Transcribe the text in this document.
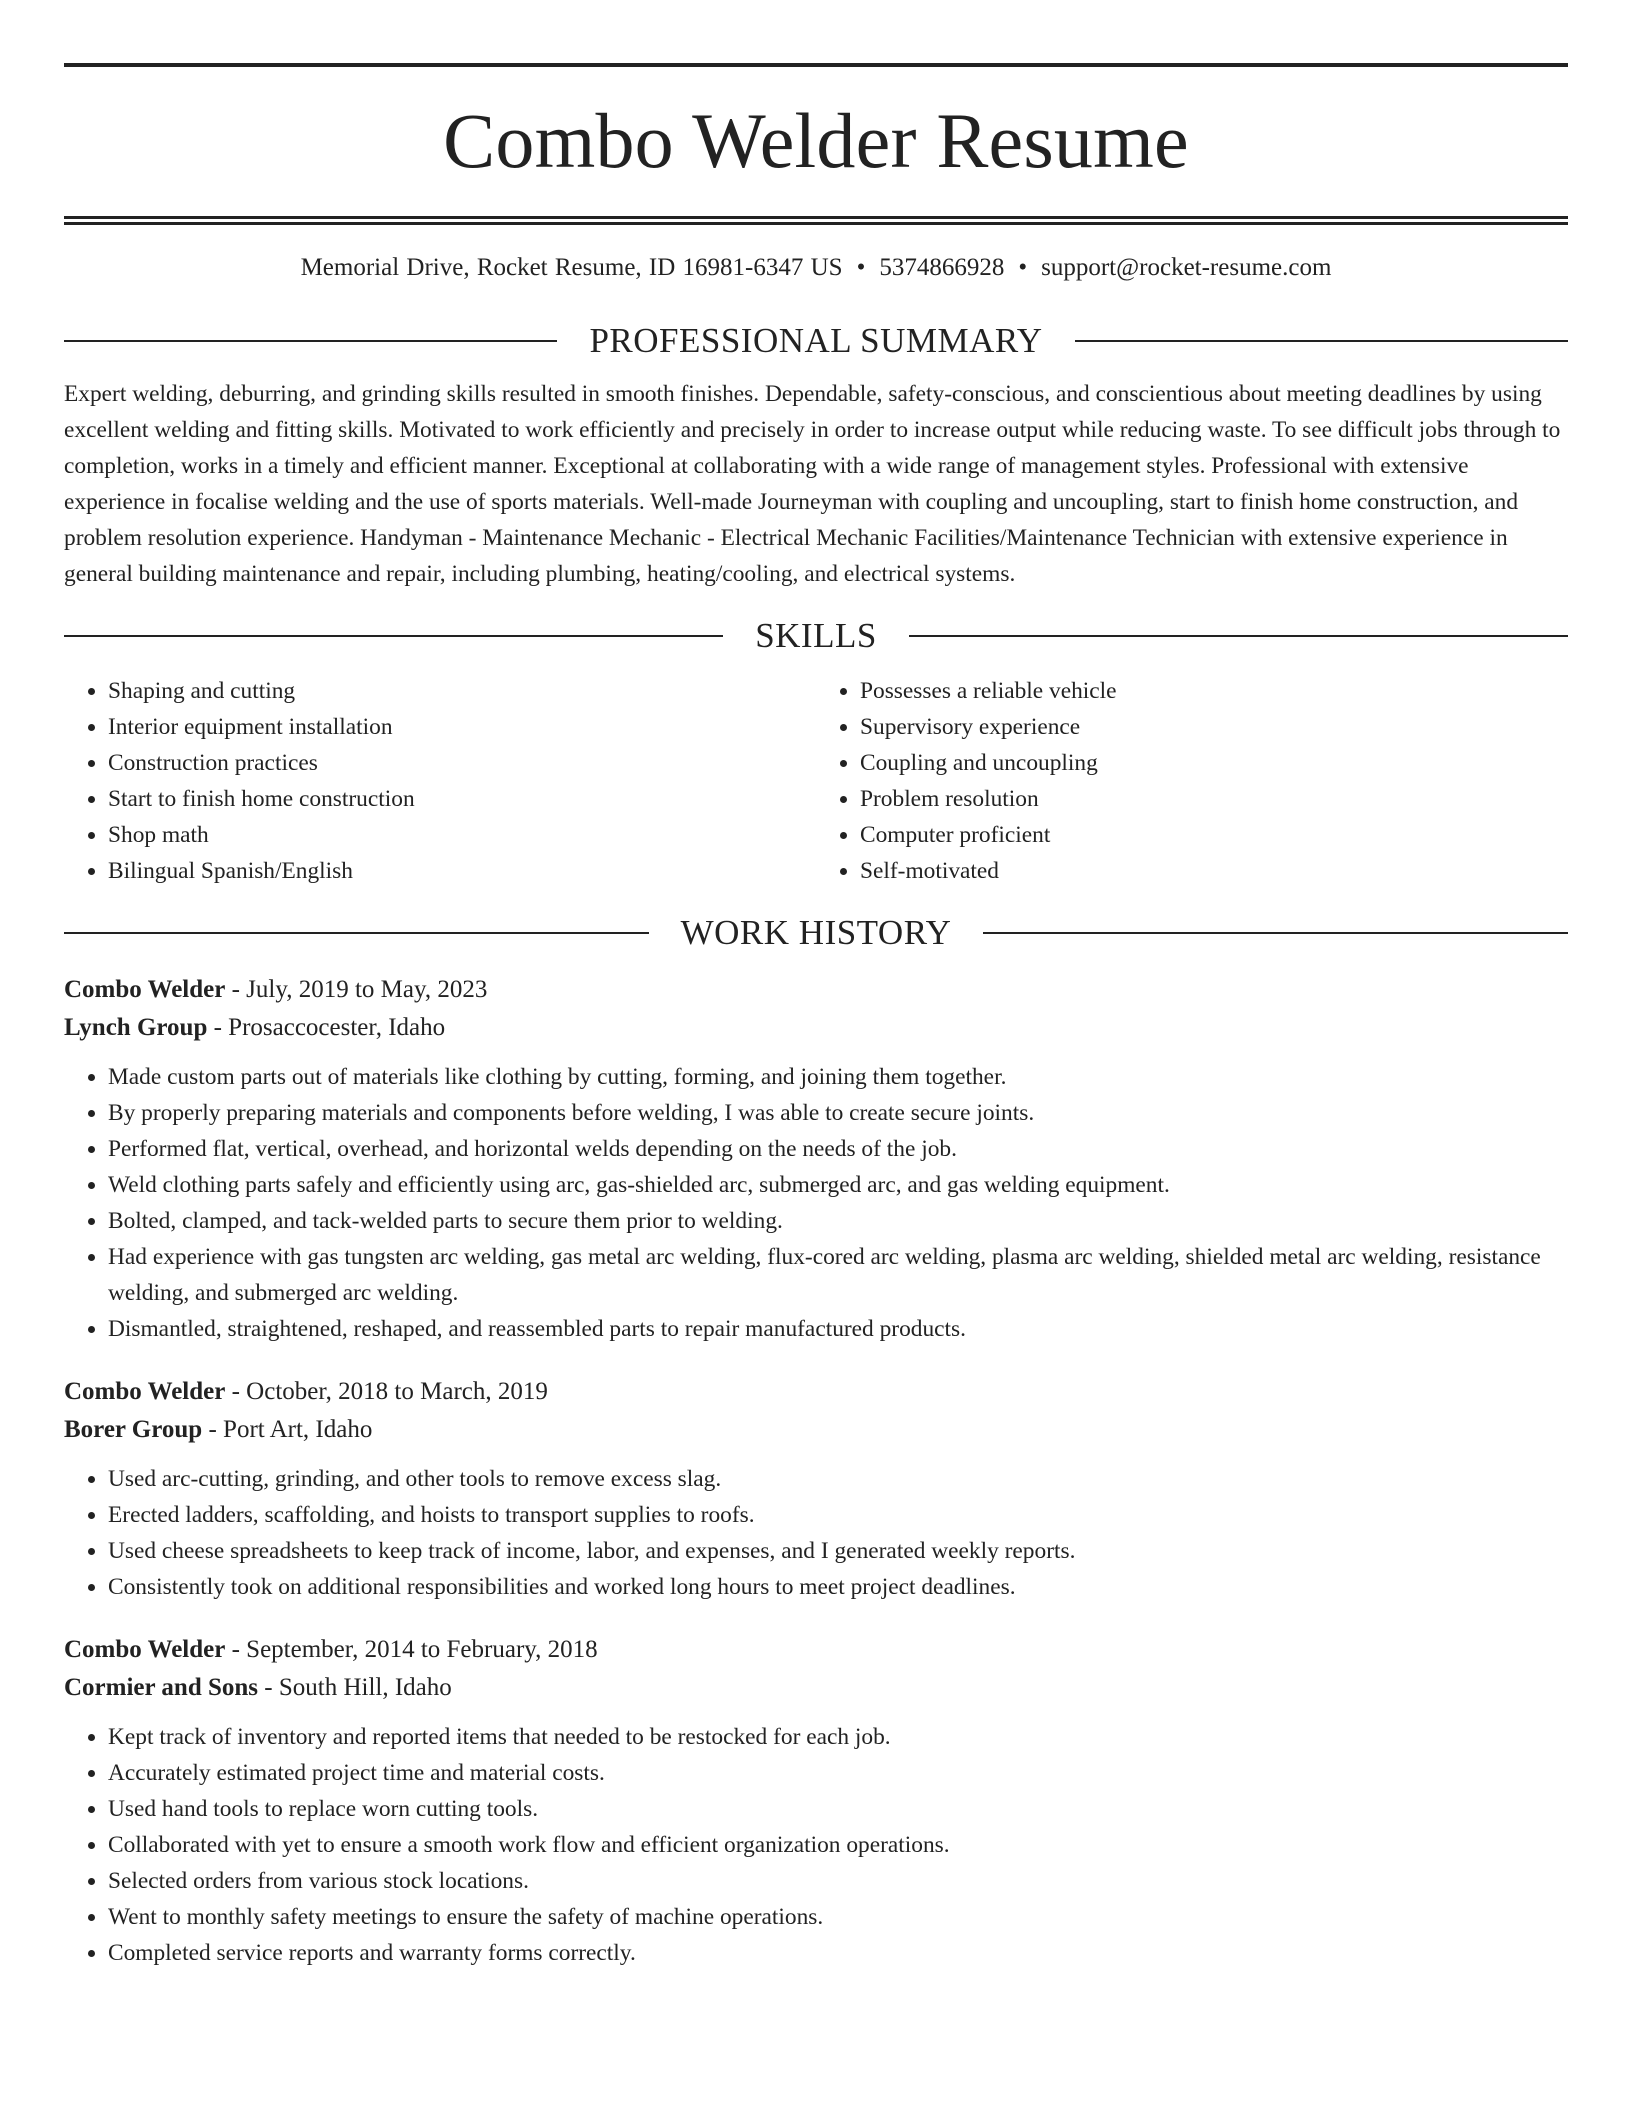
Combo Welder Resume
Memorial Drive, Rocket Resume, ID 16981-6347 US • 5374866928 • support@rocket-resume.com
PROFESSIONAL SUMMARY
Expert welding, deburring, and grinding skills resulted in smooth finishes. Dependable, safety-conscious, and conscientious about meeting deadlines by using excellent welding and fitting skills. Motivated to work efficiently and precisely in order to increase output while reducing waste. To see difficult jobs through to completion, works in a timely and efficient manner. Exceptional at collaborating with a wide range of management styles. Professional with extensive experience in focalise welding and the use of sports materials. Well-made Journeyman with coupling and uncoupling, start to finish home construction, and problem resolution experience. Handyman - Maintenance Mechanic - Electrical Mechanic Facilities/Maintenance Technician with extensive experience in general building maintenance and repair, including plumbing, heating/cooling, and electrical systems.
SKILLS
• Shaping and cutting
• Interior equipment installation
• Construction practices
• Start to finish home construction
• Shop math
• Bilingual Spanish/English
• Possesses a reliable vehicle
• Supervisory experience
• Coupling and uncoupling
• Problem resolution
• Computer proficient
• Self-motivated
WORK HISTORY
Combo Welder - July, 2019 to May, 2023
Lynch Group - Prosaccocester, Idaho
• Made custom parts out of materials like clothing by cutting, forming, and joining them together.
• By properly preparing materials and components before welding, I was able to create secure joints.
• Performed flat, vertical, overhead, and horizontal welds depending on the needs of the job.
• Weld clothing parts safely and efficiently using arc, gas-shielded arc, submerged arc, and gas welding equipment.
• Bolted, clamped, and tack-welded parts to secure them prior to welding.
• Had experience with gas tungsten arc welding, gas metal arc welding, flux-cored arc welding, plasma arc welding, shielded metal arc welding, resistance welding, and submerged arc welding.
• Dismantled, straightened, reshaped, and reassembled parts to repair manufactured products.
Combo Welder - October, 2018 to March, 2019
Borer Group - Port Art, Idaho
• Used arc-cutting, grinding, and other tools to remove excess slag.
• Erected ladders, scaffolding, and hoists to transport supplies to roofs.
• Used cheese spreadsheets to keep track of income, labor, and expenses, and I generated weekly reports.
• Consistently took on additional responsibilities and worked long hours to meet project deadlines.
Combo Welder - September, 2014 to February, 2018
Cormier and Sons - South Hill, Idaho
• Kept track of inventory and reported items that needed to be restocked for each job.
• Accurately estimated project time and material costs.
• Used hand tools to replace worn cutting tools.
• Collaborated with yet to ensure a smooth work flow and efficient organization operations.
• Selected orders from various stock locations.
• Went to monthly safety meetings to ensure the safety of machine operations.
• Completed service reports and warranty forms correctly.
